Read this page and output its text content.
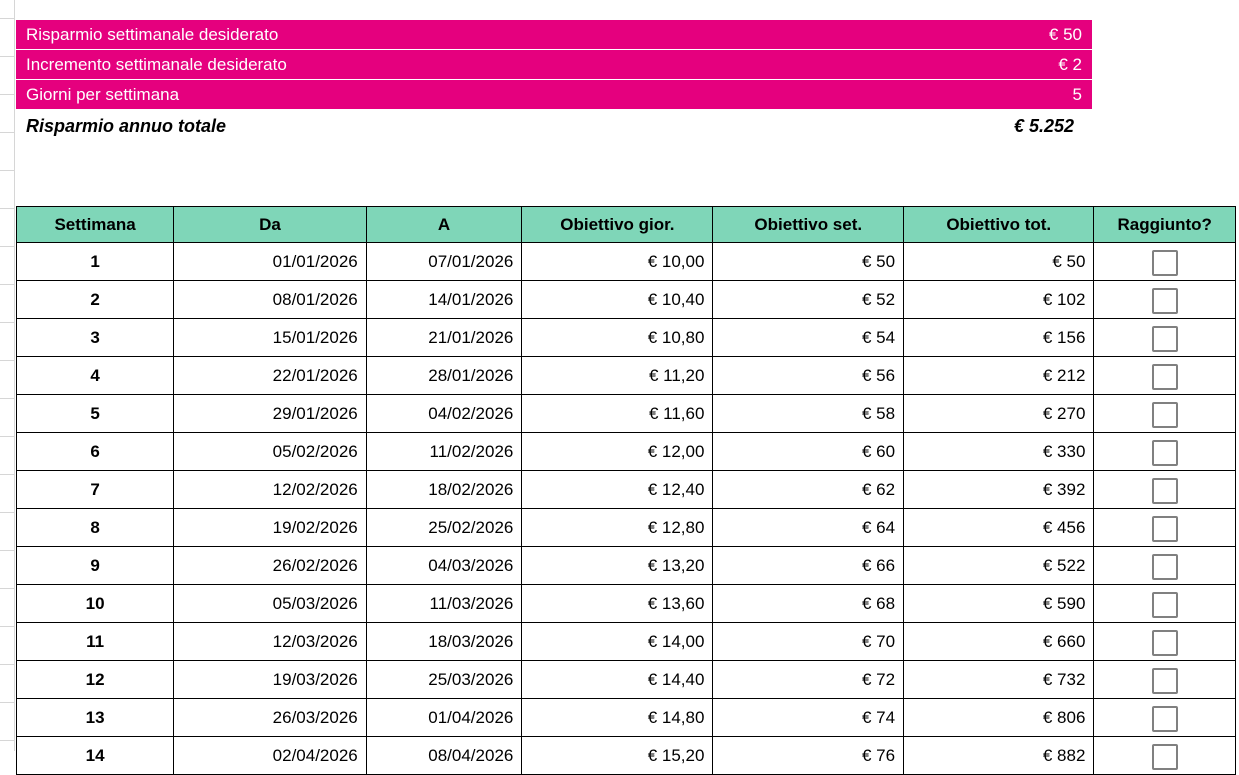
Risparmio settimanale desiderato	€ 50
Incremento settimanale desiderato	€ 2
Giorni per settimana	5
Risparmio annuo totale	€ 5.252
Settimana	Da	A	Obiettivo gior.	Obiettivo set.	Obiettivo tot.	Raggiunto?
1	01/01/2026	07/01/2026	€ 10,00	€ 50	€ 50	
2	08/01/2026	14/01/2026	€ 10,40	€ 52	€ 102	
3	15/01/2026	21/01/2026	€ 10,80	€ 54	€ 156	
4	22/01/2026	28/01/2026	€ 11,20	€ 56	€ 212	
5	29/01/2026	04/02/2026	€ 11,60	€ 58	€ 270	
6	05/02/2026	11/02/2026	€ 12,00	€ 60	€ 330	
7	12/02/2026	18/02/2026	€ 12,40	€ 62	€ 392	
8	19/02/2026	25/02/2026	€ 12,80	€ 64	€ 456	
9	26/02/2026	04/03/2026	€ 13,20	€ 66	€ 522	
10	05/03/2026	11/03/2026	€ 13,60	€ 68	€ 590	
11	12/03/2026	18/03/2026	€ 14,00	€ 70	€ 660	
12	19/03/2026	25/03/2026	€ 14,40	€ 72	€ 732	
13	26/03/2026	01/04/2026	€ 14,80	€ 74	€ 806	
14	02/04/2026	08/04/2026	€ 15,20	€ 76	€ 882	
